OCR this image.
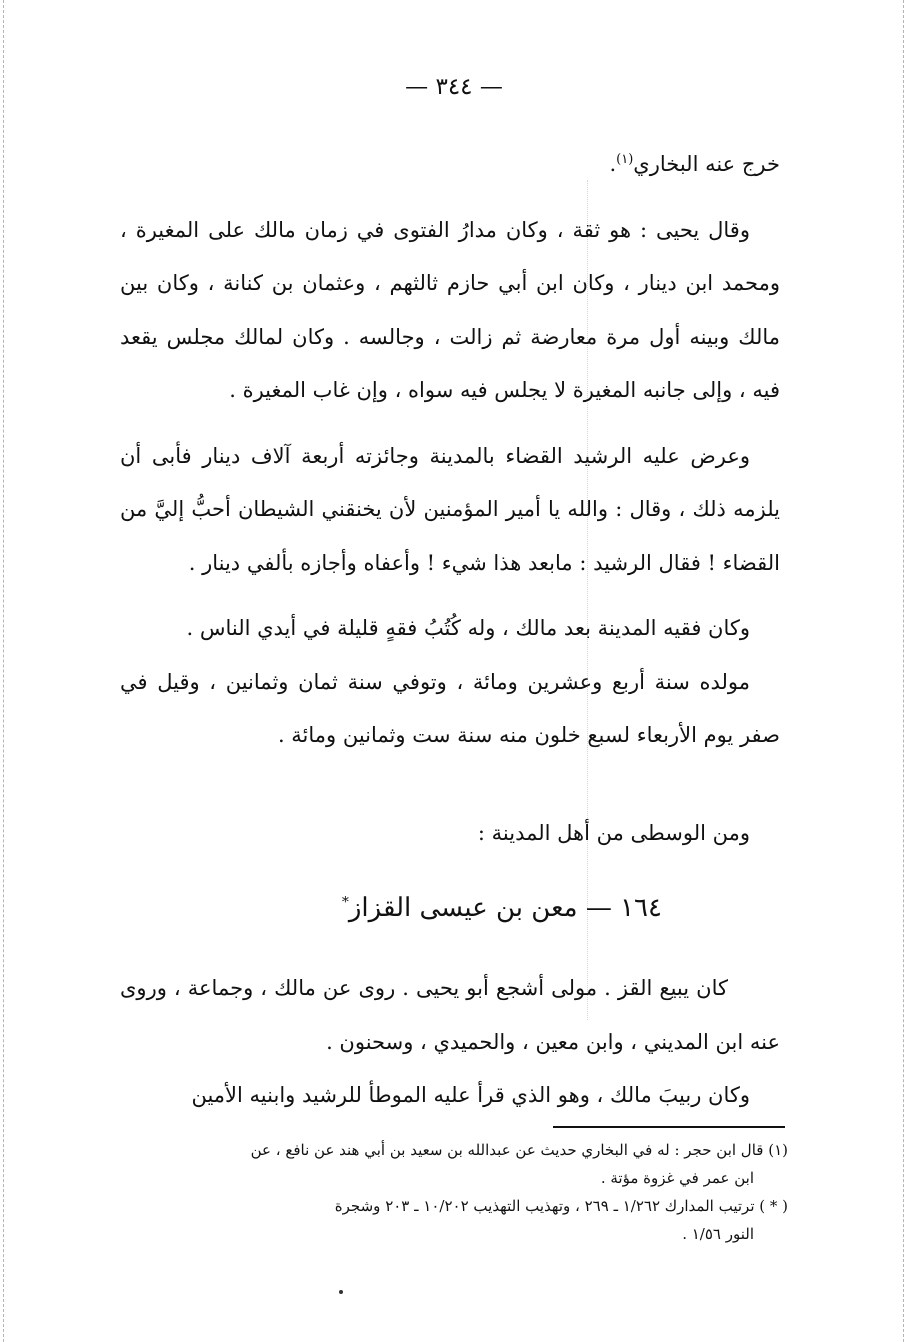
— ٣٤٤ —

خرج عنه البخاري$^{(١)}$.

وقال يحيى : هو ثقة ، وكان مدارُ الفتوى في زمان مالك على المغيرة ، ومحمد ابن دينار ، وكان ابن أبي حازم ثالثهم ، وعثمان بن كنانة ، وكان بين مالك وبينه أول مرة معارضة ثم زالت ، وجالسه . وكان لمالك مجلس يقعد فيه ، وإلى جانبه المغيرة لا يجلس فيه سواه ، وإن غاب المغيرة .

وعرض عليه الرشيد القضاء بالمدينة وجائزته أربعة آلاف دينار فأبى أن يلزمه ذلك ، وقال : والله يا أمير المؤمنين لأن يخنقني الشيطان أحبُّ إليَّ من القضاء ! فقال الرشيد : مابعد هذا شيء ! وأعفاه وأجازه بألفي دينار .

وكان فقيه المدينة بعد مالك ، وله كُتُبُ فقهٍ قليلة في أيدي الناس .

مولده سنة أربع وعشرين ومائة ، وتوفي سنة ثمان وثمانين ، وقيل في صفر يوم الأربعاء لسبع خلون منه سنة ست وثمانين ومائة .

ومن الوسطى من أهل المدينة :

١٦٤ — معن بن عيسى القزاز*

كان يبيع القز . مولى أشجع أبو يحيى . روى عن مالك ، وجماعة ، وروى عنه ابن المديني ، وابن معين ، والحميدي ، وسحنون .

وكان ربيبَ مالك ، وهو الذي قرأ عليه الموطأ للرشيد وابنيه الأمين

(١) قال ابن حجر : له في البخاري حديث عن عبدالله بن سعيد بن أبي هند عن نافع ، عن

ابن عمر في غزوة مؤتة .

( * ) ترتيب المدارك ١/٢٦٢ ـ ٢٦٩ ، وتهذيب التهذيب ١٠/٢٠٢ ـ ٢٠٣ وشجرة

النور ١/٥٦ .
